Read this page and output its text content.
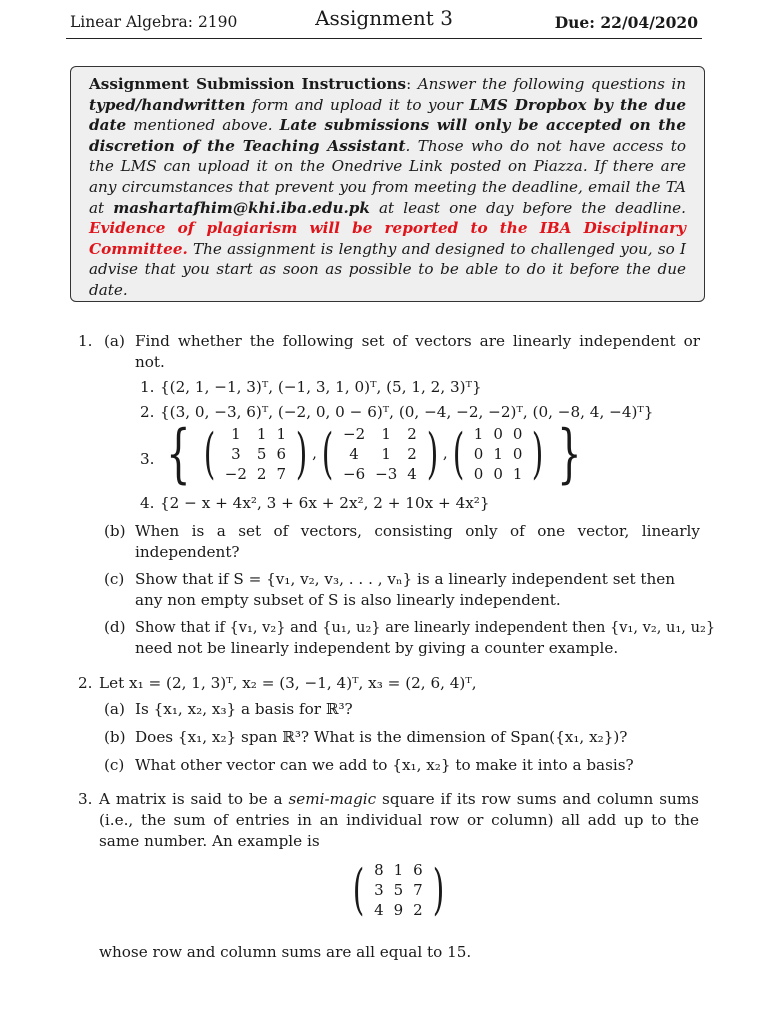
Linear Algebra: 2190	Assignment 3	Due: 22/04/2020
Assignment Submission Instructions: Answer the following questions in typed/handwritten form and upload it to your LMS Dropbox by the due date mentioned above. Late submissions will only be accepted on the discretion of the Teaching Assistant. Those who do not have access to the LMS can upload it on the Onedrive Link posted on Piazza. If there are any circumstances that prevent you from meeting the deadline, email the TA at mashartafhim@khi.iba.edu.pk at least one day before the deadline. Evidence of plagiarism will be reported to the IBA Disciplinary Committee. The assignment is lengthy and designed to challenged you, so I advise that you start as soon as possible to be able to do it before the due date.
1. (a) Find whether the following set of vectors are linearly independent or not.
1. {(2, 1, −1, 3)ᵀ, (−1, 3, 1, 0)ᵀ, (5, 1, 2, 3)ᵀ}
2. {(3, 0, −3, 6)ᵀ, (−2, 0, 0 − 6)ᵀ, (0, −4, −2, −2)ᵀ, (0, −8, 4, −4)ᵀ}
3. { ( 1	1	1
3	5	6
−2	2	7 ) ,( −2	1	2
4	1	2
−6	−3	4 ) ,( 1	0	0
0	1	0
0	0	1 ) }
4. {2 − x + 4x², 3 + 6x + 2x², 2 + 10x + 4x²}
(b) When is a set of vectors, consisting only of one vector, linearly independent?
(c) Show that if S = {v₁, v₂, v₃, . . . , vₙ} is a linearly independent set then
any non empty subset of S is also linearly independent.
(d) Show that if {v₁, v₂} and {u₁, u₂} are linearly independent then {v₁, v₂, u₁, u₂}
need not be linearly independent by giving a counter example.
2. Let x₁ = (2, 1, 3)ᵀ, x₂ = (3, −1, 4)ᵀ, x₃ = (2, 6, 4)ᵀ,
(a) Is {x₁, x₂, x₃} a basis for ℝ³?
(b) Does {x₁, x₂} span ℝ³? What is the dimension of Span({x₁, x₂})?
(c) What other vector can we add to {x₁, x₂} to make it into a basis?
3. A matrix is said to be a semi-magic square if its row sums and column sums (i.e., the sum of entries in an individual row or column) all add up to the same number. An example is
( 8	1	6
3	5	7
4	9	2 )
whose row and column sums are all equal to 15.
